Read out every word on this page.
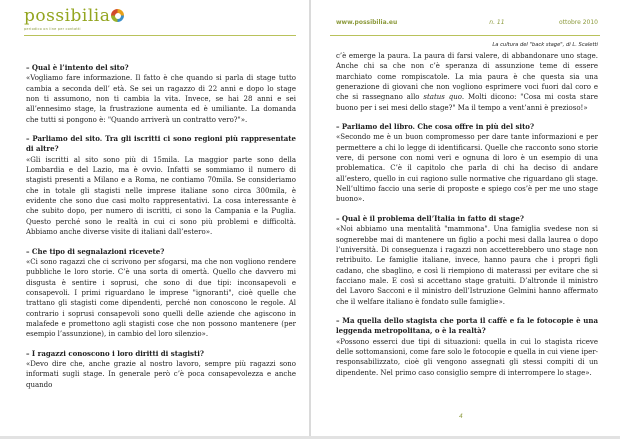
possibilia
periodico on line per contatti
www.possibilia.eu	n. 11	ottobre 2010
La cultura del "back stage", di L. Scaletti

– Qual è l’intento del sito?

«Vogliamo fare informazione. Il fatto è che quando si parla di stage tutto cambia a seconda dell’ età. Se sei un ragazzo di 22 anni e dopo lo stage non ti assumono, non ti cambia la vita. Invece, se hai 28 anni e sei all’ennesimo stage, la frustrazione aumenta ed è umiliante. La domanda che tutti si pongono è: "Quando arriverà un contratto vero?"».

– Parliamo del sito. Tra gli iscritti ci sono regioni più rappresentate di altre?

«Gli iscritti al sito sono più di 15mila. La maggior parte sono della Lombardia e del Lazio, ma è ovvio. Infatti se sommiamo il numero di stagisti presenti a Milano e a Roma, ne contiamo 70mila. Se consideriamo che in totale gli stagisti nelle imprese italiane sono circa 300mila, è evidente che sono due casi molto rappresentativi. La cosa interessante è che subito dopo, per numero di iscritti, ci sono la Campania e la Puglia. Questo perché sono le realtà in cui ci sono più problemi e difficoltà. Abbiamo anche diverse visite di italiani dall’estero».

– Che tipo di segnalazioni ricevete?

«Ci sono ragazzi che ci scrivono per sfogarsi, ma che non vogliono rendere pubbliche le loro storie. C’è una sorta di omertà. Quello che davvero mi disgusta è sentire i soprusi, che sono di due tipi: inconsapevoli e consapevoli. I primi riguardano le imprese "ignoranti", cioè quelle che trattano gli stagisti come dipendenti, perché non conoscono le regole. Al contrario i soprusi consapevoli sono quelli delle aziende che agiscono in malafede e promettono agli stagisti cose che non possono mantenere (per esempio l’assunzione), in cambio del loro silenzio».

– I ragazzi conoscono i loro diritti di stagisti?

«Devo dire che, anche grazie al nostro lavoro, sempre più ragazzi sono informati sugli stage. In generale però c’è poca consapevolezza e anche quando

c’è emerge la paura. La paura di farsi valere, di abbandonare uno stage. Anche chi sa che non c’è speranza di assunzione teme di essere marchiato come rompiscatole. La mia paura è che questa sia una generazione di giovani che non vogliono esprimere voci fuori dal coro e che si rassegnano allo status quo. Molti dicono: "Cosa mi costa stare buono per i sei mesi dello stage?" Ma il tempo a vent’anni è prezioso!»

– Parliamo del libro. Che cosa offre in più del sito?

«Secondo me è un buon compromesso per dare tante informazioni e per permettere a chi lo legge di identificarsi. Quelle che racconto sono storie vere, di persone con nomi veri e ognuna di loro è un esempio di una problematica. C’è il capitolo che parla di chi ha deciso di andare all’estero, quello in cui ragiono sulle normative che riguardano gli stage. Nell’ultimo faccio una serie di proposte e spiego cos’è per me uno stage buono».

– Qual è il problema dell’Italia in fatto di stage?

«Noi abbiamo una mentalità "mammona". Una famiglia svedese non si sognerebbe mai di mantenere un figlio a pochi mesi dalla laurea o dopo l’università. Di conseguenza i ragazzi non accetterebbero uno stage non retribuito. Le famiglie italiane, invece, hanno paura che i propri figli cadano, che sbaglino, e così li riempiono di materassi per evitare che si facciano male. E così si accettano stage gratuiti. D’altronde il ministro del Lavoro Sacconi e il ministro dell’Istruzione Gelmini hanno affermato che il welfare italiano è fondato sulle famiglie».

– Ma quella dello stagista che porta il caffè e fa le fotocopie è una leggenda metropolitana, o è la realtà?

«Possono esserci due tipi di situazioni: quella in cui lo stagista riceve delle sottomansioni, come fare solo le fotocopie e quella in cui viene iper-responsabilizzato, cioè gli vengono assegnati gli stessi compiti di un dipendente. Nel primo caso consiglio sempre di interrompere lo stage».

4
